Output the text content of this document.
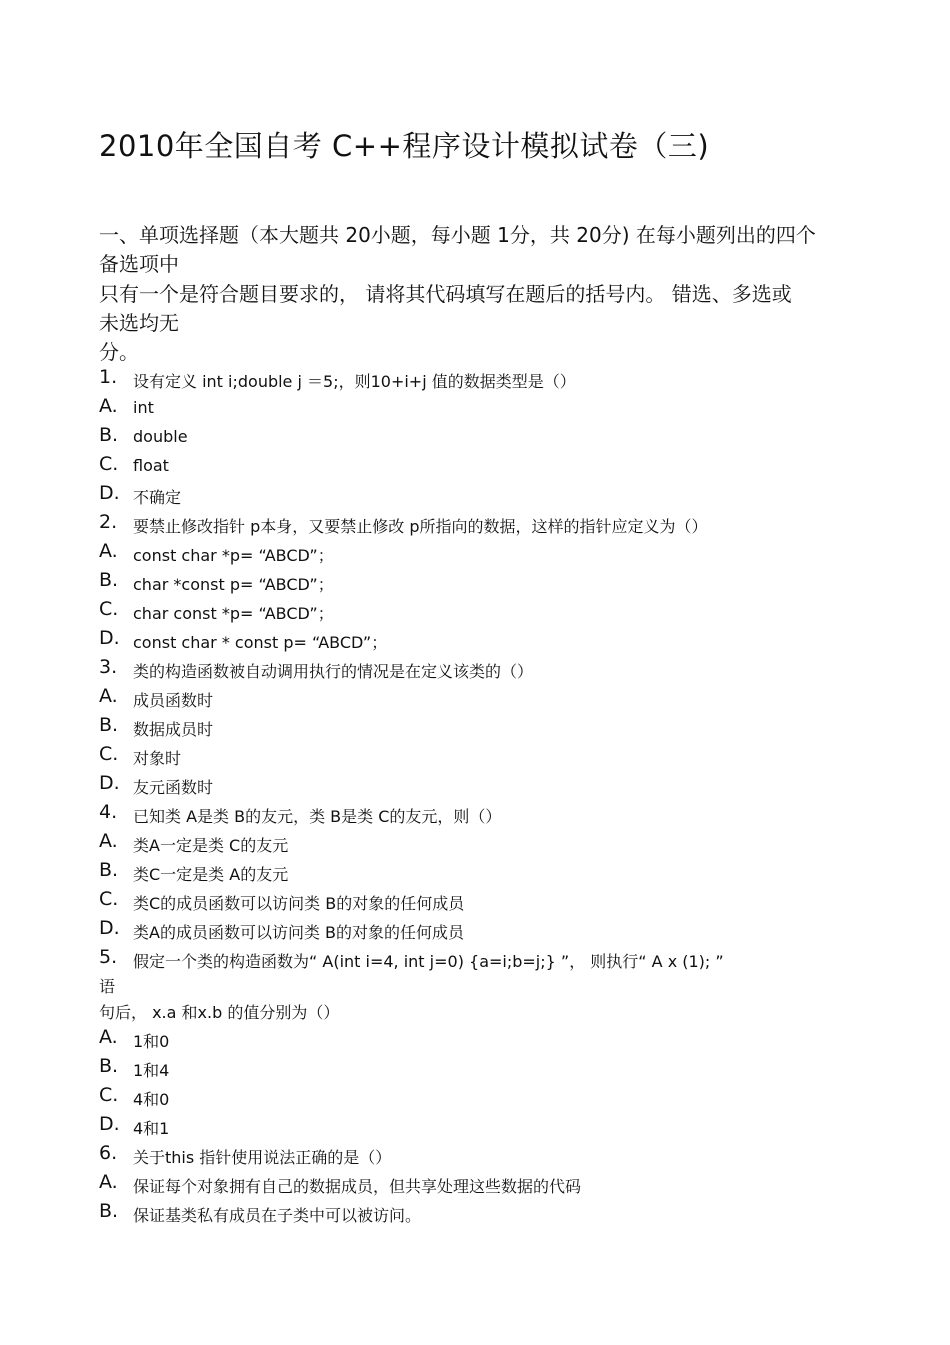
2010年全国自考 C++程序设计模拟试卷（三)
一、单项选择题（本大题共 20小题，每小题 1分，共 20分) 在每小题列出的四个
备选项中
只有一个是符合题目要求的， 请将其代码填写在题后的括号内。 错选、多选或
未选均无
分。
1. 设有定义 int i;double j ＝5;，则10+i+j 值的数据类型是（）
A. int
B. double
C. float
D. 不确定
2. 要禁止修改指针 p本身，又要禁止修改 p所指向的数据，这样的指针应定义为（）
A. const char *p= “ABCD”；
B. char *const p= “ABCD”；
C. char const *p= “ABCD”；
D. const char * const p= “ABCD”；
3. 类的构造函数被自动调用执行的情况是在定义该类的（）
A. 成员函数时
B. 数据成员时
C. 对象时
D. 友元函数时
4. 已知类 A是类 B的友元，类 B是类 C的友元，则（）
A. 类A一定是类 C的友元
B. 类C一定是类 A的友元
C. 类C的成员函数可以访问类 B的对象的任何成员
D. 类A的成员函数可以访问类 B的对象的任何成员
5. 假定一个类的构造函数为“ A(int i=4, int j=0) {a=i;b=j;} ”， 则执行“ A x (1); ”
语
句后， x.a 和x.b 的值分别为（）
A. 1和0
B. 1和4
C. 4和0
D. 4和1
6. 关于this 指针使用说法正确的是（）
A. 保证每个对象拥有自己的数据成员，但共享处理这些数据的代码
B. 保证基类私有成员在子类中可以被访问。
